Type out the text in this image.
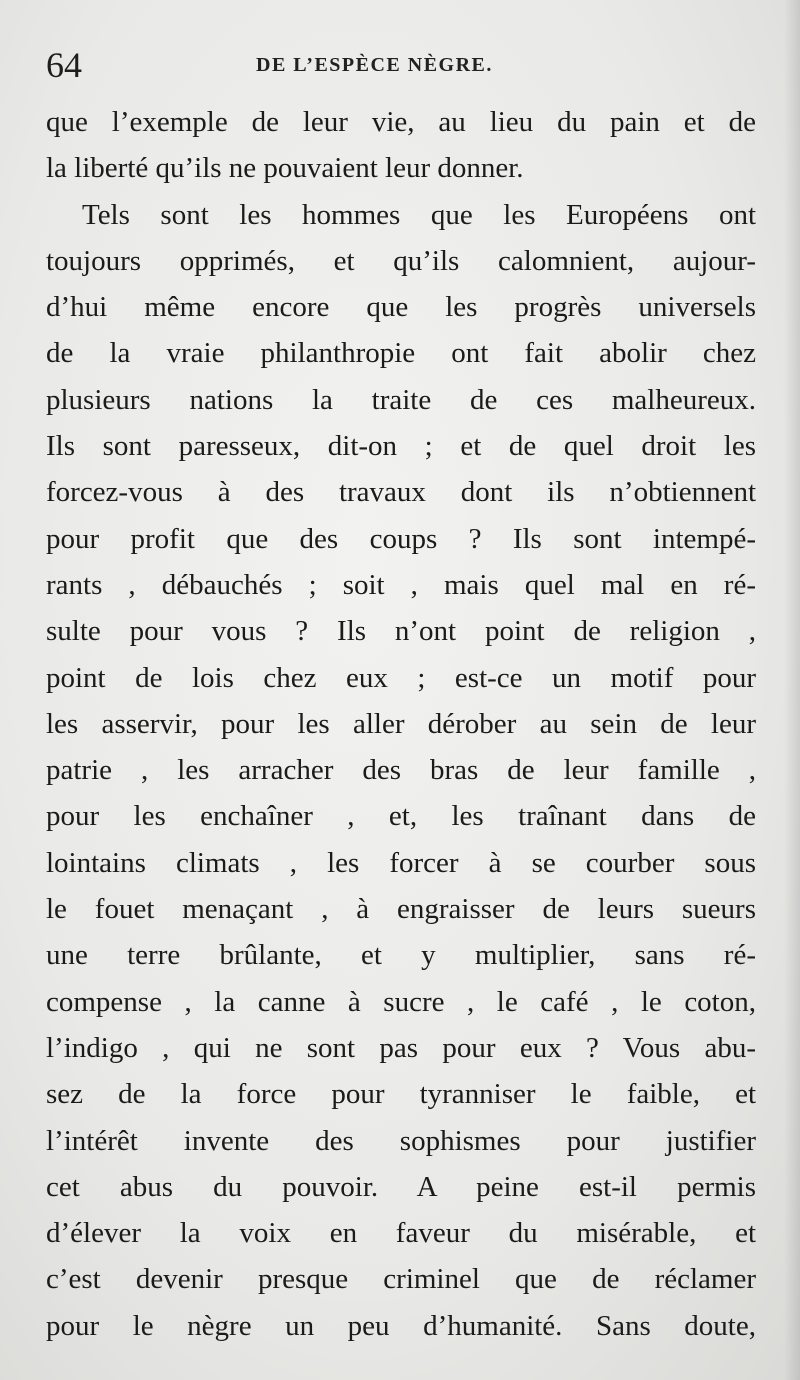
64	DE L’ESPÈCE NÈGRE.
que l’exemple de leur vie, au lieu du pain et de
la liberté qu’ils ne pouvaient leur donner.
Tels sont les hommes que les Européens ont
toujours opprimés, et qu’ils calomnient, aujour-
d’hui même encore que les progrès universels
de la vraie philanthropie ont fait abolir chez
plusieurs nations la traite de ces malheureux.
Ils sont paresseux, dit-on ; et de quel droit les
forcez-vous à des travaux dont ils n’obtiennent
pour profit que des coups ? Ils sont intempé-
rants , débauchés ; soit , mais quel mal en ré-
sulte pour vous ? Ils n’ont point de religion ,
point de lois chez eux ; est-ce un motif pour
les asservir, pour les aller dérober au sein de leur
patrie , les arracher des bras de leur famille ,
pour les enchaîner , et, les traînant dans de
lointains climats , les forcer à se courber sous
le fouet menaçant , à engraisser de leurs sueurs
une terre brûlante, et y multiplier, sans ré-
compense , la canne à sucre , le café , le coton,
l’indigo , qui ne sont pas pour eux ? Vous abu-
sez de la force pour tyranniser le faible, et
l’intérêt invente des sophismes pour justifier
cet abus du pouvoir. A peine est-il permis
d’élever la voix en faveur du misérable, et
c’est devenir presque criminel que de réclamer
pour le nègre un peu d’humanité. Sans doute,
